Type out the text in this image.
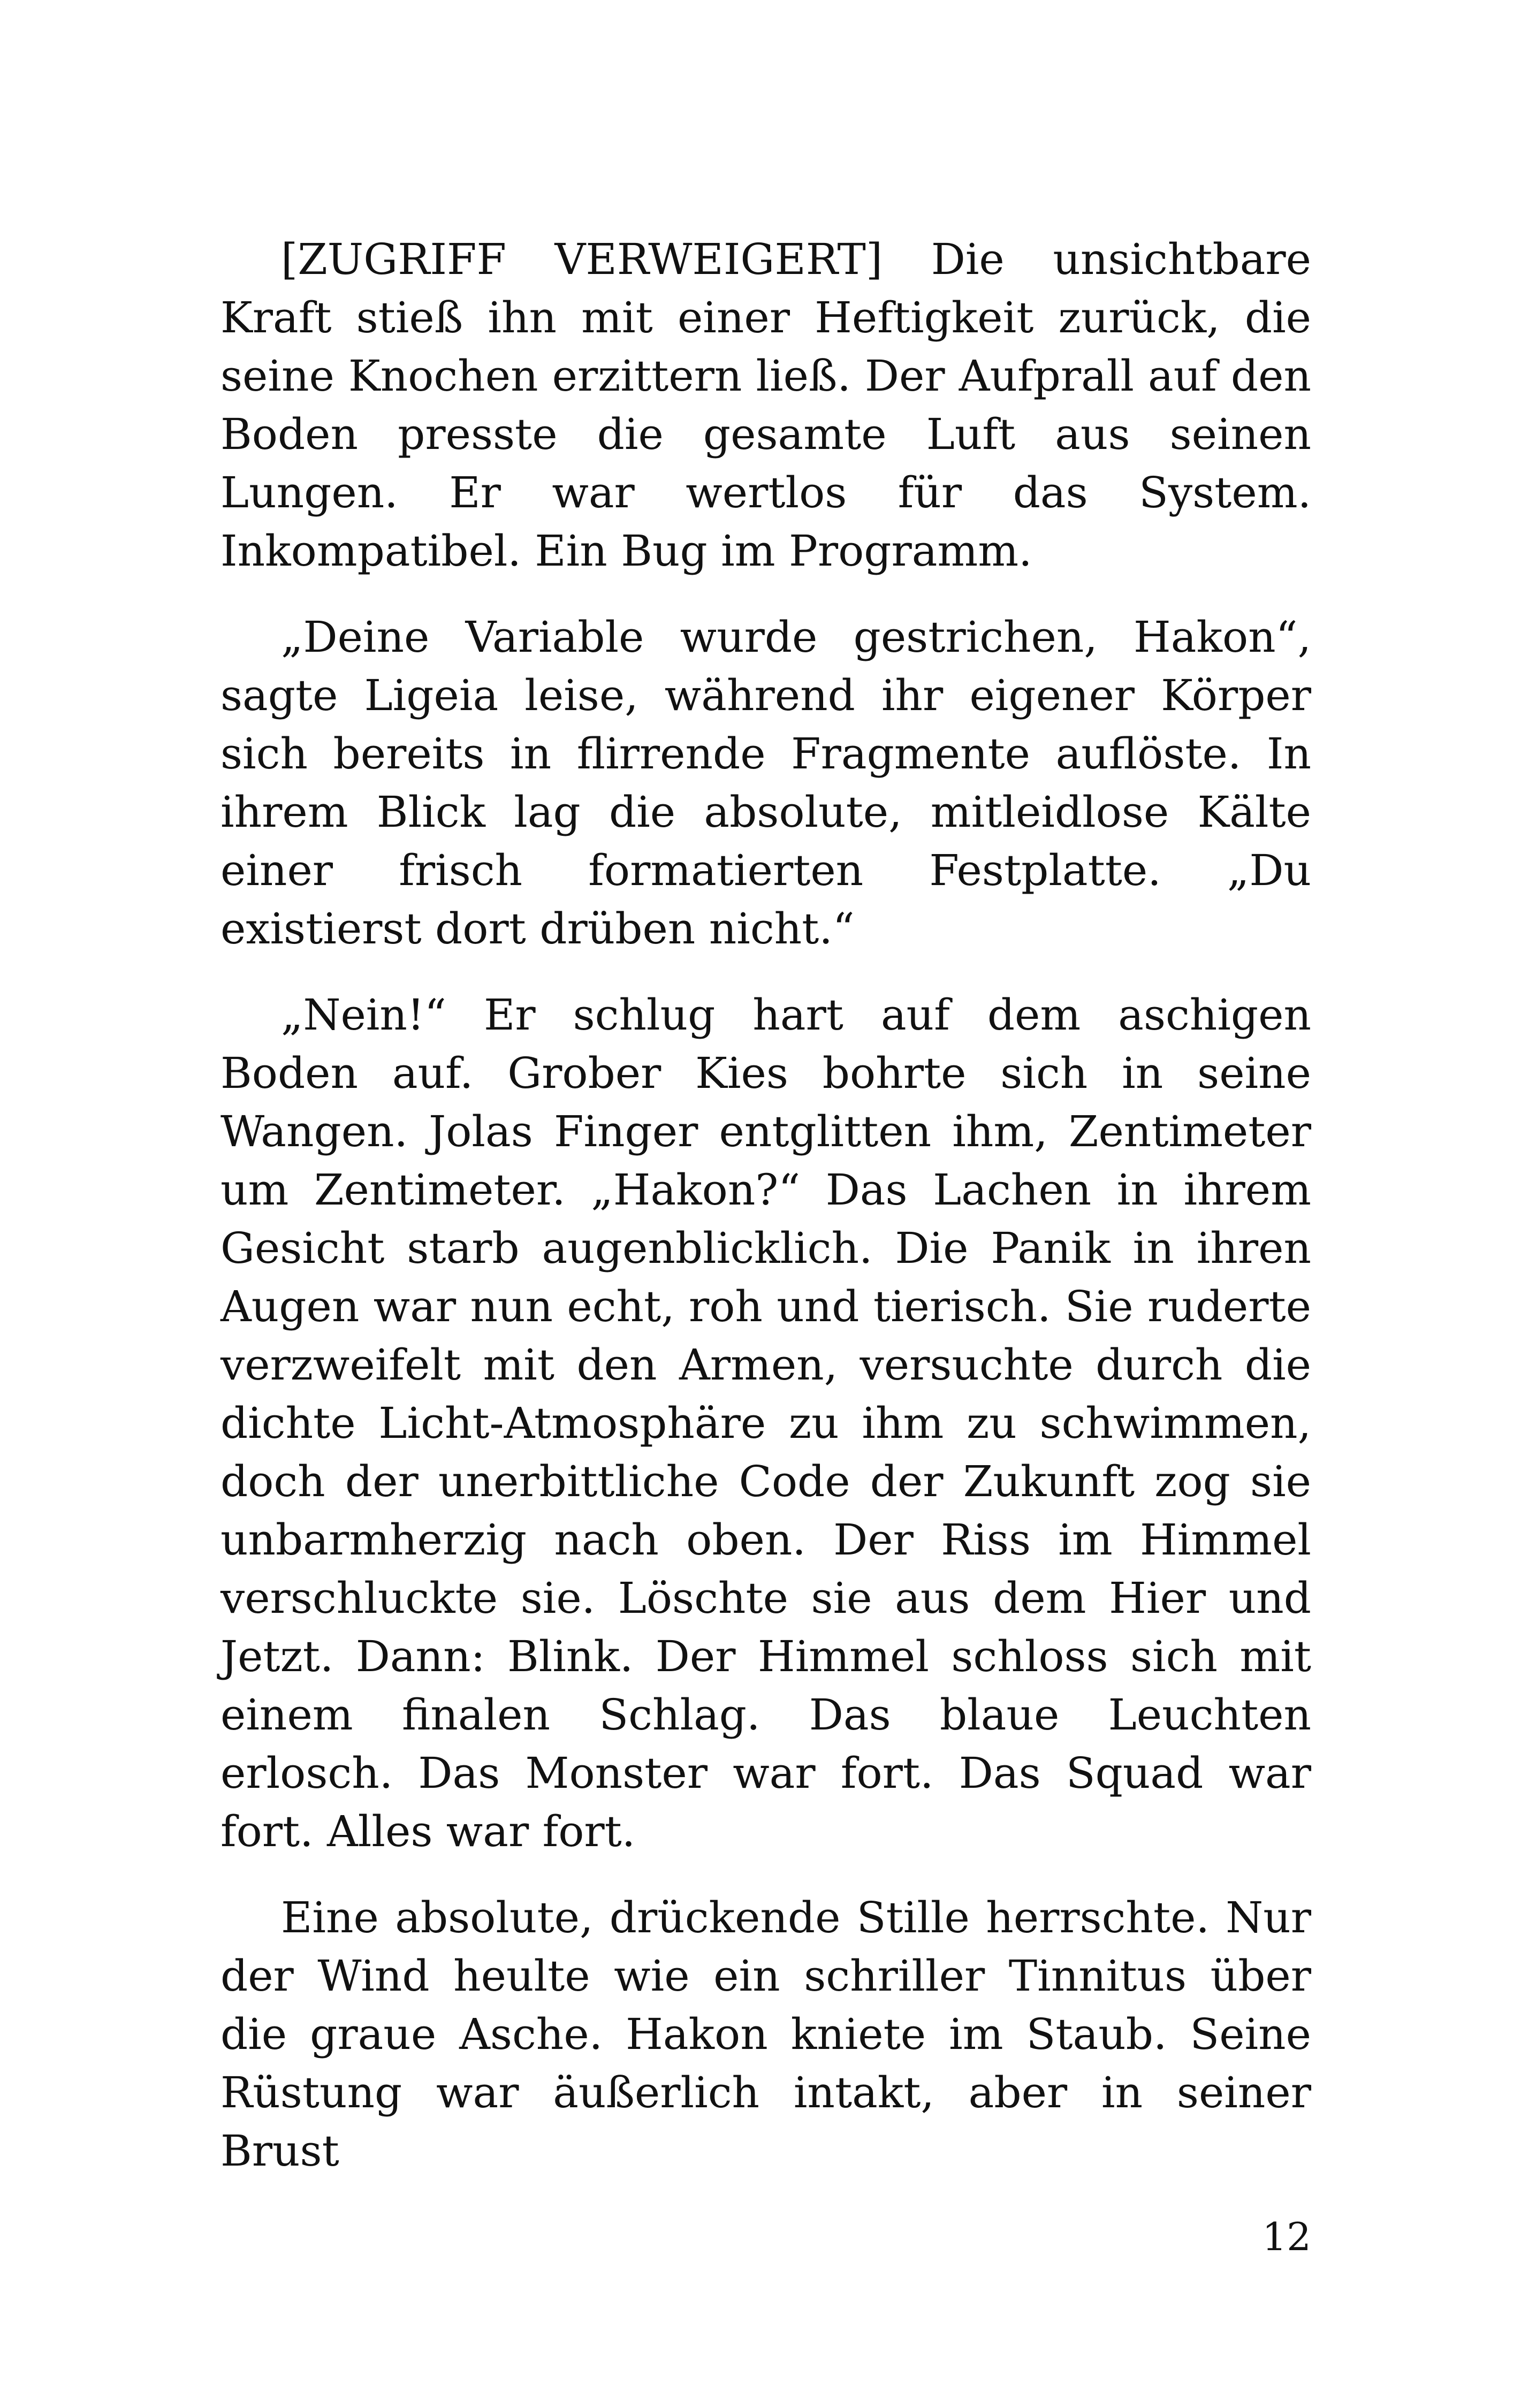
[ZUGRIFF VERWEIGERT] Die unsichtbare Kraft stieß ihn mit einer Heftigkeit zurück, die seine Knochen erzittern ließ. Der Aufprall auf den Boden presste die gesamte Luft aus seinen Lungen. Er war wertlos für das System. Inkompatibel. Ein Bug im Programm.

„Deine Variable wurde gestrichen, Hakon“, sagte Ligeia leise, während ihr eigener Körper sich bereits in flirrende Fragmente auflöste. In ihrem Blick lag die absolute, mitleidlose Kälte einer frisch formatierten Festplatte. „Du existierst dort drüben nicht.“

„Nein!“ Er schlug hart auf dem aschigen Boden auf. Grober Kies bohrte sich in seine Wangen. Jolas Finger entglitten ihm, Zentimeter um Zentimeter. „Hakon?“ Das Lachen in ihrem Gesicht starb augenblicklich. Die Panik in ihren Augen war nun echt, roh und tierisch. Sie ruderte verzweifelt mit den Armen, versuchte durch die dichte Licht-Atmosphäre zu ihm zu schwimmen, doch der unerbittliche Code der Zukunft zog sie unbarmherzig nach oben. Der Riss im Himmel verschluckte sie. Löschte sie aus dem Hier und Jetzt. Dann: Blink. Der Himmel schloss sich mit einem finalen Schlag. Das blaue Leuchten erlosch. Das Monster war fort. Das Squad war fort. Alles war fort.

Eine absolute, drückende Stille herrschte. Nur der Wind heulte wie ein schriller Tinnitus über die graue Asche. Hakon kniete im Staub. Seine Rüstung war äußerlich intakt, aber in seiner Brust

12
